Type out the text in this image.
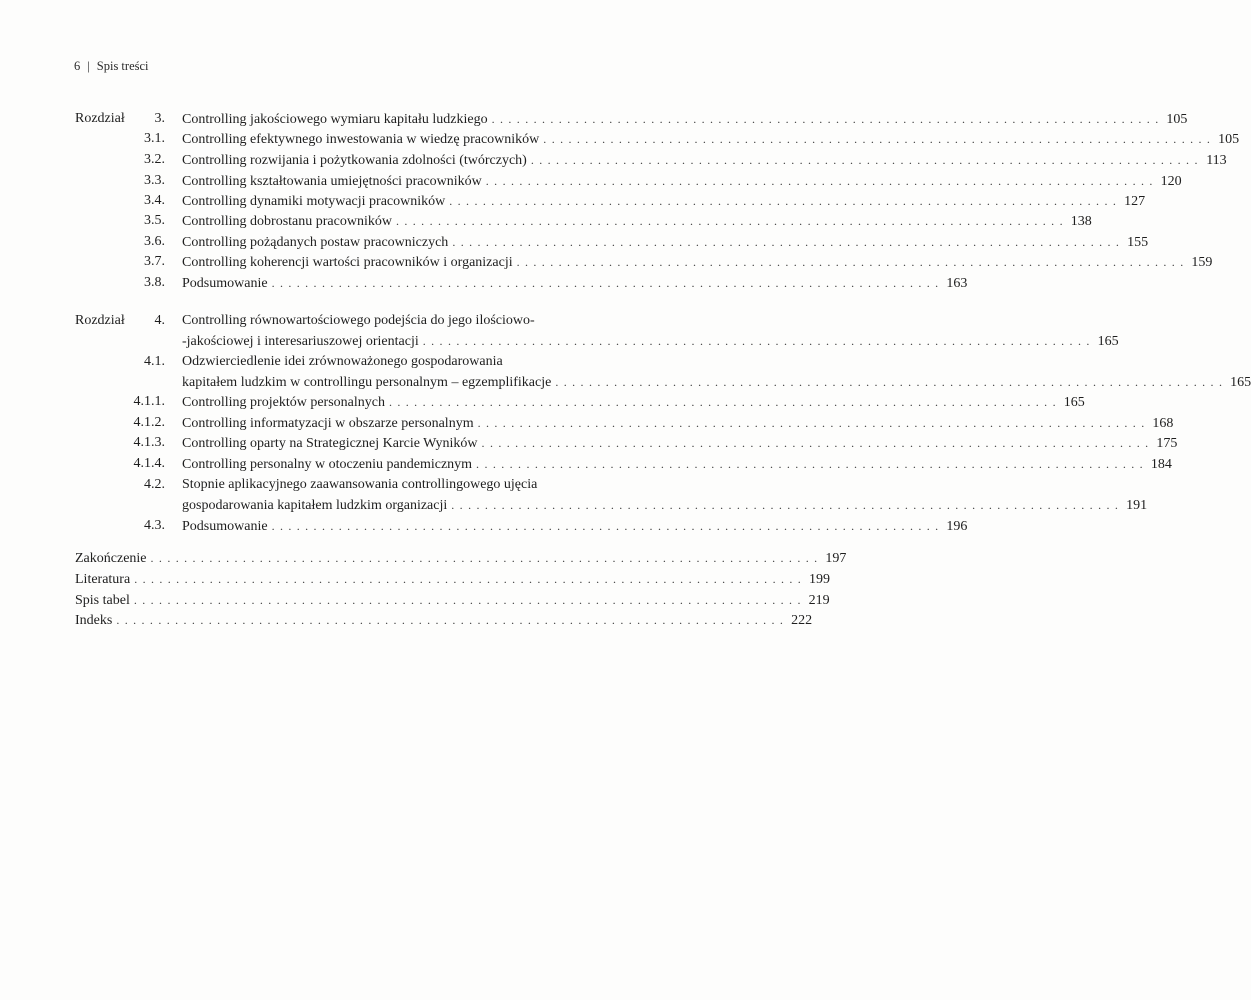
6 | Spis treści
Rozdział	3. Controlling jakościowego wymiaru kapitału ludzkiego . . . . . . . . . . . . . . . . . . . . . . . . . . . . . . . . . . . . . . . . . . . . . . . . . . . . . . . . . . . . . . . . . . . . . . . . . . . . . . . . 105
3.1. Controlling efektywnego inwestowania w wiedzę pracowników . . . . . . . . . . . . . . . . . . . . . . . . . . . . . . . . . . . . . . . . . . . . . . . . . . . . . . . . . . . . . . . . . . . . . . . . . . . . . . . . 105
3.2. Controlling rozwijania i pożytkowania zdolności (twórczych) . . . . . . . . . . . . . . . . . . . . . . . . . . . . . . . . . . . . . . . . . . . . . . . . . . . . . . . . . . . . . . . . . . . . . . . . . . . . . . . . 113
3.3. Controlling kształtowania umiejętności pracowników . . . . . . . . . . . . . . . . . . . . . . . . . . . . . . . . . . . . . . . . . . . . . . . . . . . . . . . . . . . . . . . . . . . . . . . . . . . . . . . . 120
3.4. Controlling dynamiki motywacji pracowników . . . . . . . . . . . . . . . . . . . . . . . . . . . . . . . . . . . . . . . . . . . . . . . . . . . . . . . . . . . . . . . . . . . . . . . . . . . . . . . . 127
3.5. Controlling dobrostanu pracowników . . . . . . . . . . . . . . . . . . . . . . . . . . . . . . . . . . . . . . . . . . . . . . . . . . . . . . . . . . . . . . . . . . . . . . . . . . . . . . . . 138
3.6. Controlling pożądanych postaw pracowniczych . . . . . . . . . . . . . . . . . . . . . . . . . . . . . . . . . . . . . . . . . . . . . . . . . . . . . . . . . . . . . . . . . . . . . . . . . . . . . . . . 155
3.7. Controlling koherencji wartości pracowników i organizacji . . . . . . . . . . . . . . . . . . . . . . . . . . . . . . . . . . . . . . . . . . . . . . . . . . . . . . . . . . . . . . . . . . . . . . . . . . . . . . . . 159
3.8. Podsumowanie . . . . . . . . . . . . . . . . . . . . . . . . . . . . . . . . . . . . . . . . . . . . . . . . . . . . . . . . . . . . . . . . . . . . . . . . . . . . . . . . 163
Rozdział	4. Controlling równowartościowego podejścia do jego ilościowo-
-jakościowej i interesariuszowej orientacji . . . . . . . . . . . . . . . . . . . . . . . . . . . . . . . . . . . . . . . . . . . . . . . . . . . . . . . . . . . . . . . . . . . . . . . . . . . . . . . . 165
4.1. Odzwierciedlenie idei zrównoważonego gospodarowania
kapitałem ludzkim w controllingu personalnym – egzemplifikacje . . . . . . . . . . . . . . . . . . . . . . . . . . . . . . . . . . . . . . . . . . . . . . . . . . . . . . . . . . . . . . . . . . . . . . . . . . . . . . . . 165
4.1.1. Controlling projektów personalnych . . . . . . . . . . . . . . . . . . . . . . . . . . . . . . . . . . . . . . . . . . . . . . . . . . . . . . . . . . . . . . . . . . . . . . . . . . . . . . . . 165
4.1.2. Controlling informatyzacji w obszarze personalnym . . . . . . . . . . . . . . . . . . . . . . . . . . . . . . . . . . . . . . . . . . . . . . . . . . . . . . . . . . . . . . . . . . . . . . . . . . . . . . . . 168
4.1.3. Controlling oparty na Strategicznej Karcie Wyników . . . . . . . . . . . . . . . . . . . . . . . . . . . . . . . . . . . . . . . . . . . . . . . . . . . . . . . . . . . . . . . . . . . . . . . . . . . . . . . . 175
4.1.4. Controlling personalny w otoczeniu pandemicznym . . . . . . . . . . . . . . . . . . . . . . . . . . . . . . . . . . . . . . . . . . . . . . . . . . . . . . . . . . . . . . . . . . . . . . . . . . . . . . . . 184
4.2. Stopnie aplikacyjnego zaawansowania controllingowego ujęcia
gospodarowania kapitałem ludzkim organizacji . . . . . . . . . . . . . . . . . . . . . . . . . . . . . . . . . . . . . . . . . . . . . . . . . . . . . . . . . . . . . . . . . . . . . . . . . . . . . . . . 191
4.3. Podsumowanie . . . . . . . . . . . . . . . . . . . . . . . . . . . . . . . . . . . . . . . . . . . . . . . . . . . . . . . . . . . . . . . . . . . . . . . . . . . . . . . . 196
Zakończenie . . . . . . . . . . . . . . . . . . . . . . . . . . . . . . . . . . . . . . . . . . . . . . . . . . . . . . . . . . . . . . . . . . . . . . . . . . . . . . . . 197
Literatura . . . . . . . . . . . . . . . . . . . . . . . . . . . . . . . . . . . . . . . . . . . . . . . . . . . . . . . . . . . . . . . . . . . . . . . . . . . . . . . . 199
Spis tabel . . . . . . . . . . . . . . . . . . . . . . . . . . . . . . . . . . . . . . . . . . . . . . . . . . . . . . . . . . . . . . . . . . . . . . . . . . . . . . . . 219
Indeks . . . . . . . . . . . . . . . . . . . . . . . . . . . . . . . . . . . . . . . . . . . . . . . . . . . . . . . . . . . . . . . . . . . . . . . . . . . . . . . . 222
